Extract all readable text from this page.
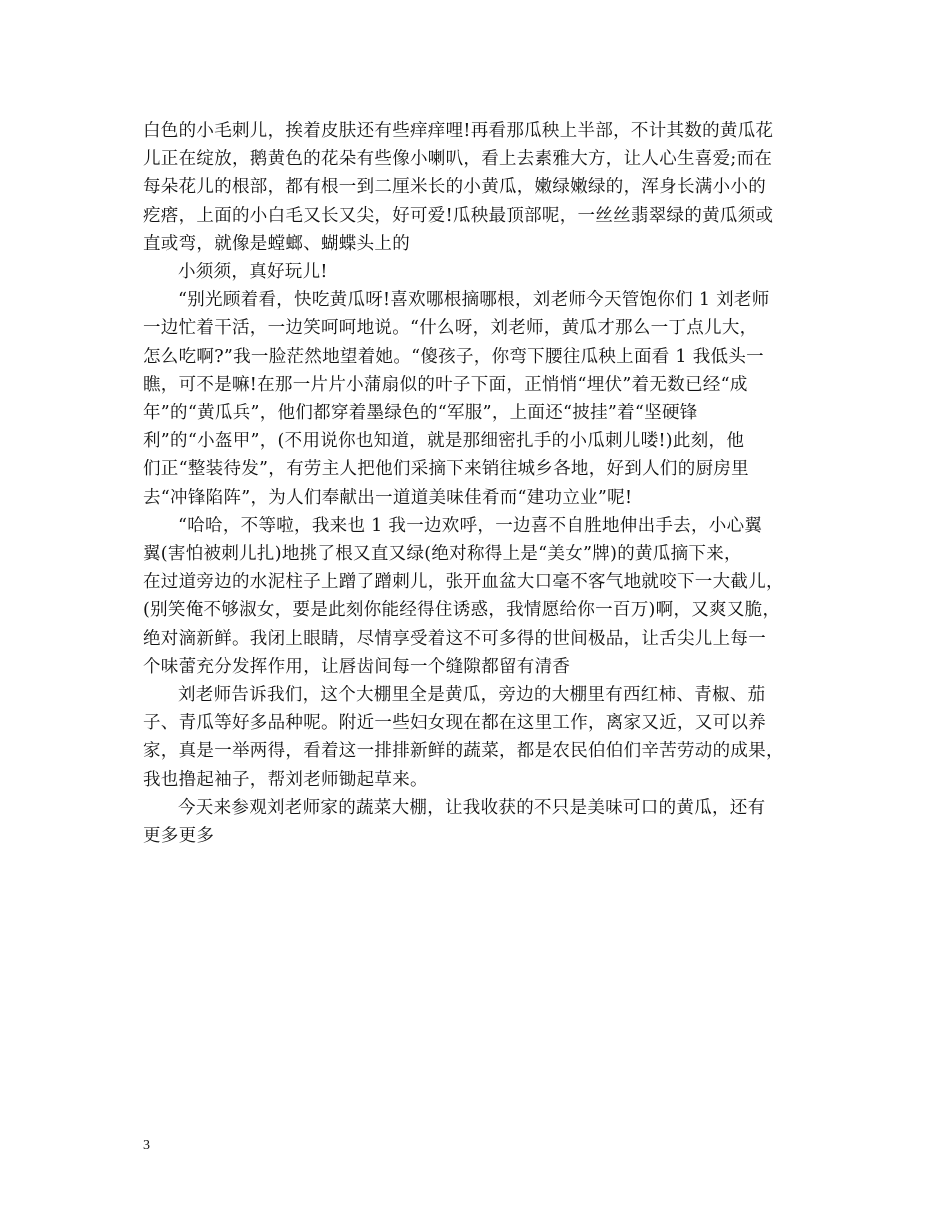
白色的小毛刺儿，挨着皮肤还有些痒痒哩!再看那瓜秧上半部，不计其数的黄瓜花
儿正在绽放，鹅黄色的花朵有些像小喇叭，看上去素雅大方，让人心生喜爱;而在
每朵花儿的根部，都有根一到二厘米长的小黄瓜，嫩绿嫩绿的，浑身长满小小的
疙瘩，上面的小白毛又长又尖，好可爱!瓜秧最顶部呢，一丝丝翡翠绿的黄瓜须或
直或弯，就像是螳螂、蝴蝶头上的
小须须，真好玩儿!
“别光顾着看，快吃黄瓜呀!喜欢哪根摘哪根，刘老师今天管饱你们 1 刘老师
一边忙着干活，一边笑呵呵地说。“什么呀，刘老师，黄瓜才那么一丁点儿大，
怎么吃啊?”我一脸茫然地望着她。“傻孩子，你弯下腰往瓜秧上面看 1 我低头一
瞧，可不是嘛!在那一片片小蒲扇似的叶子下面，正悄悄“埋伏”着无数已经“成
年”的“黄瓜兵”，他们都穿着墨绿色的“军服”，上面还“披挂”着“坚硬锋
利”的“小盔甲”，(不用说你也知道，就是那细密扎手的小瓜刺儿喽!)此刻，他
们正“整装待发”，有劳主人把他们采摘下来销往城乡各地，好到人们的厨房里
去“冲锋陷阵”，为人们奉献出一道道美味佳肴而“建功立业”呢!
“哈哈，不等啦，我来也 1 我一边欢呼，一边喜不自胜地伸出手去，小心翼
翼(害怕被刺儿扎)地挑了根又直又绿(绝对称得上是“美女”牌)的黄瓜摘下来，
在过道旁边的水泥柱子上蹭了蹭刺儿，张开血盆大口毫不客气地就咬下一大截儿，
(别笑俺不够淑女，要是此刻你能经得住诱惑，我情愿给你一百万)啊，又爽又脆，
绝对滴新鲜。我闭上眼睛，尽情享受着这不可多得的世间极品，让舌尖儿上每一
个味蕾充分发挥作用，让唇齿间每一个缝隙都留有清香
刘老师告诉我们，这个大棚里全是黄瓜，旁边的大棚里有西红柿、青椒、茄
子、青瓜等好多品种呢。附近一些妇女现在都在这里工作，离家又近，又可以养
家，真是一举两得，看着这一排排新鲜的蔬菜，都是农民伯伯们辛苦劳动的成果，
我也撸起袖子，帮刘老师锄起草来。
今天来参观刘老师家的蔬菜大棚，让我收获的不只是美味可口的黄瓜，还有
更多更多
3
